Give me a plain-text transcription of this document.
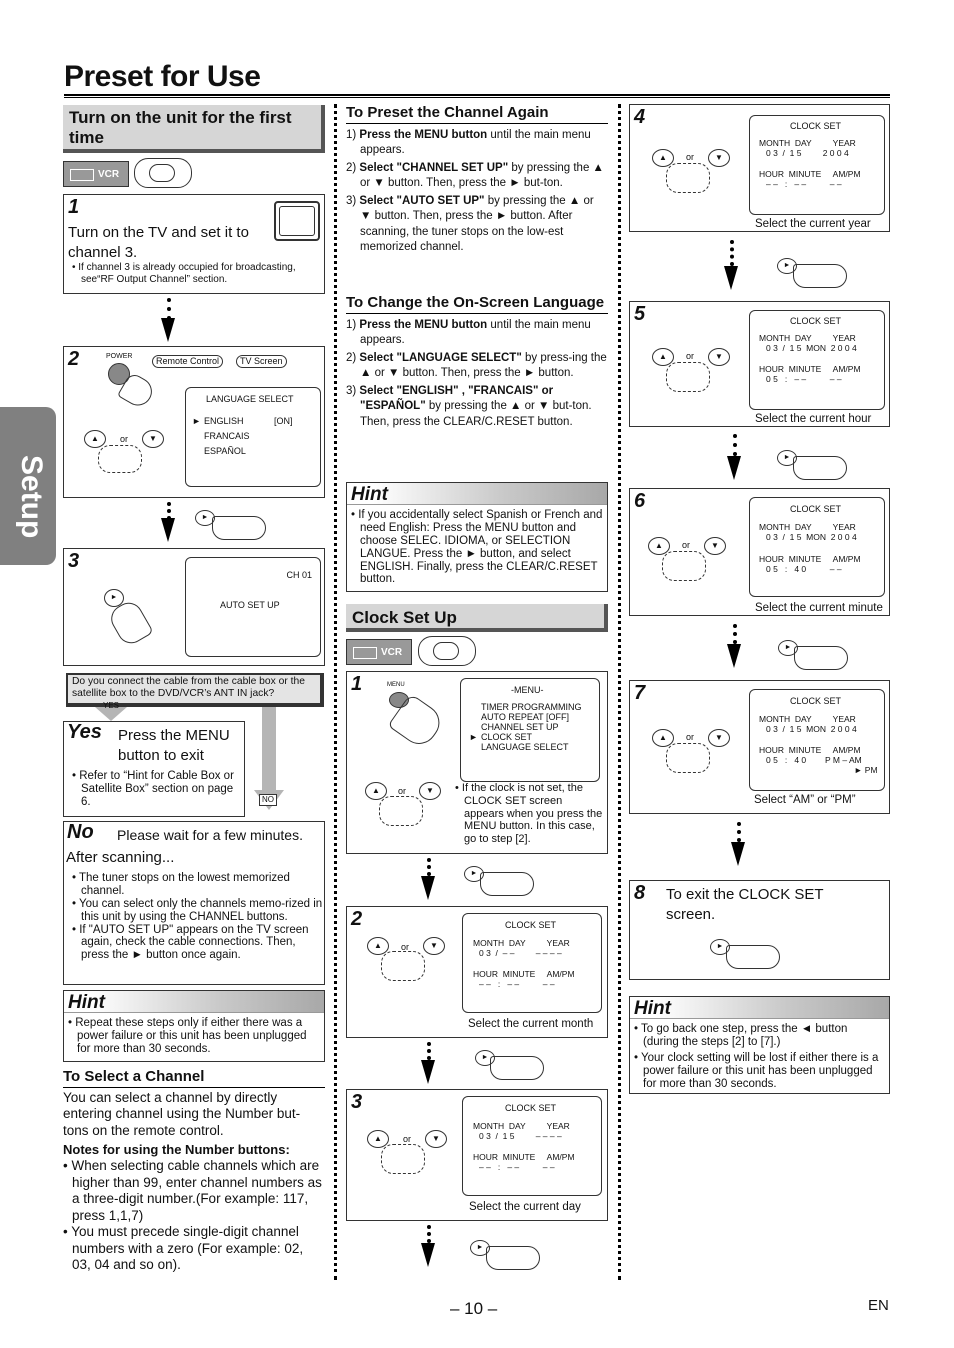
Preset for Use
Setup
Turn on the unit for the first time
VCR
1

Turn on the TV and set it to channel 3.

• If channel 3 is already occupied for broadcasting, see“RF Output Channel” section.

2	POWER	Remote Control	TV Screen
LANGUAGE SELECT
► ENGLISH	[ON]
FRANCAIS
ESPAÑOL
▲	or	▼
►
3
►
CH 01
AUTO SET UP
Do you connect the cable from the cable box or the satellite box to the DVD/VCR’s ANT IN jack?
NO
YES
Yes Press the MENU button to exit

• Refer to “Hint for Cable Box or Satellite Box” section on page 6.

No Please wait for a few minutes.

After scanning...

• The tuner stops on the lowest memorized channel.

• You can select only the channels memo-rized in this unit by using the CHANNEL buttons.

• If "AUTO SET UP" appears on the TV screen again, check the cable connections. Then, press the ► button once again.

Hint

• Repeat these steps only if either there was a power failure or this unit has been unplugged for more than 30 seconds.

To Select a Channel

You can select a channel by directly entering channel using the Number but-tons on the remote control.

Notes for using the Number buttons:

• When selecting cable channels which are higher than 99, enter channel numbers as a three-digit number.(For example: 117, press 1,1,7)

• You must precede single-digit channel numbers with a zero (For example: 02, 03, 04 and so on).

To Preset the Channel Again

1) Press the MENU button until the main menu appears.

2) Select "CHANNEL SET UP" by pressing the ▲ or ▼ button. Then, press the ► but-ton.

3) Select "AUTO SET UP" by pressing the ▲ or ▼ button. Then, press the ► button. After scanning, the tuner stops on the low-est memorized channel.

To Change the On-Screen Language

1) Press the MENU button until the main menu appears.

2) Select "LANGUAGE SELECT" by press-ing the ▲ or ▼ button. Then, press the ► button.

3) Select "ENGLISH" , "FRANCAIS" or "ESPAÑOL" by pressing the ▲ or ▼ but-ton. Then, press the CLEAR/C.RESET button.

Hint

• If you accidentally select Spanish or French and need English: Press the MENU button and choose SELEC. IDIOMA, or SELECTION LANGUE. Press the ► button, and select ENGLISH. Finally, press the CLEAR/C.RESET button.

Clock Set Up
VCR
1	MENU	-MENU-

TIMER PROGRAMMING

AUTO REPEAT [OFF]

CHANNEL SET UP

CLOCK SET

LANGUAGE SELECT

►
▲	or	▼	• If the clock is not set, the CLOCK SET screen appears when you press the MENU button. In this case, go to step [2].

►
2
▲	or	▼
CLOCK SET
MONTH  DAY         YEAR
0 3  /  – –         – – – –
HOUR  MINUTE     AM/PM
– –   :   – –          – –
Select the current month
►
3
▲	or	▼
CLOCK SET
MONTH  DAY         YEAR
0 3  /  1 5         – – – –
HOUR  MINUTE     AM/PM
– –   :   – –          – –
Select the current day
►
4
▲	or	▼
CLOCK SET
MONTH  DAY         YEAR
0 3  /  1 5         2 0 0 4
HOUR  MINUTE     AM/PM
– –   :   – –          – –
Select the current year
►
5
▲	or	▼
CLOCK SET
MONTH  DAY         YEAR
0 3  /  1 5  MON  2 0 0 4
HOUR  MINUTE     AM/PM
0 5   :   – –          – –
Select the current hour
►
6
▲	or	▼
CLOCK SET
MONTH  DAY         YEAR
0 3  /  1 5  MON  2 0 0 4
HOUR  MINUTE     AM/PM
0 5   :   4 0          – –
Select the current minute
►
7
▲	or	▼
CLOCK SET
MONTH  DAY         YEAR
0 3  /  1 5  MON  2 0 0 4
HOUR  MINUTE     AM/PM
0 5   :   4 0        P M – AM
► PM
Select “AM” or “PM”
8 To exit the CLOCK SET screen.

►
Hint

• To go back one step, press the ◄ button (during the steps [2] to [7].)

• Your clock setting will be lost if either there is a power failure or this unit has been unplugged for more than 30 seconds.

– 10 –	EN
